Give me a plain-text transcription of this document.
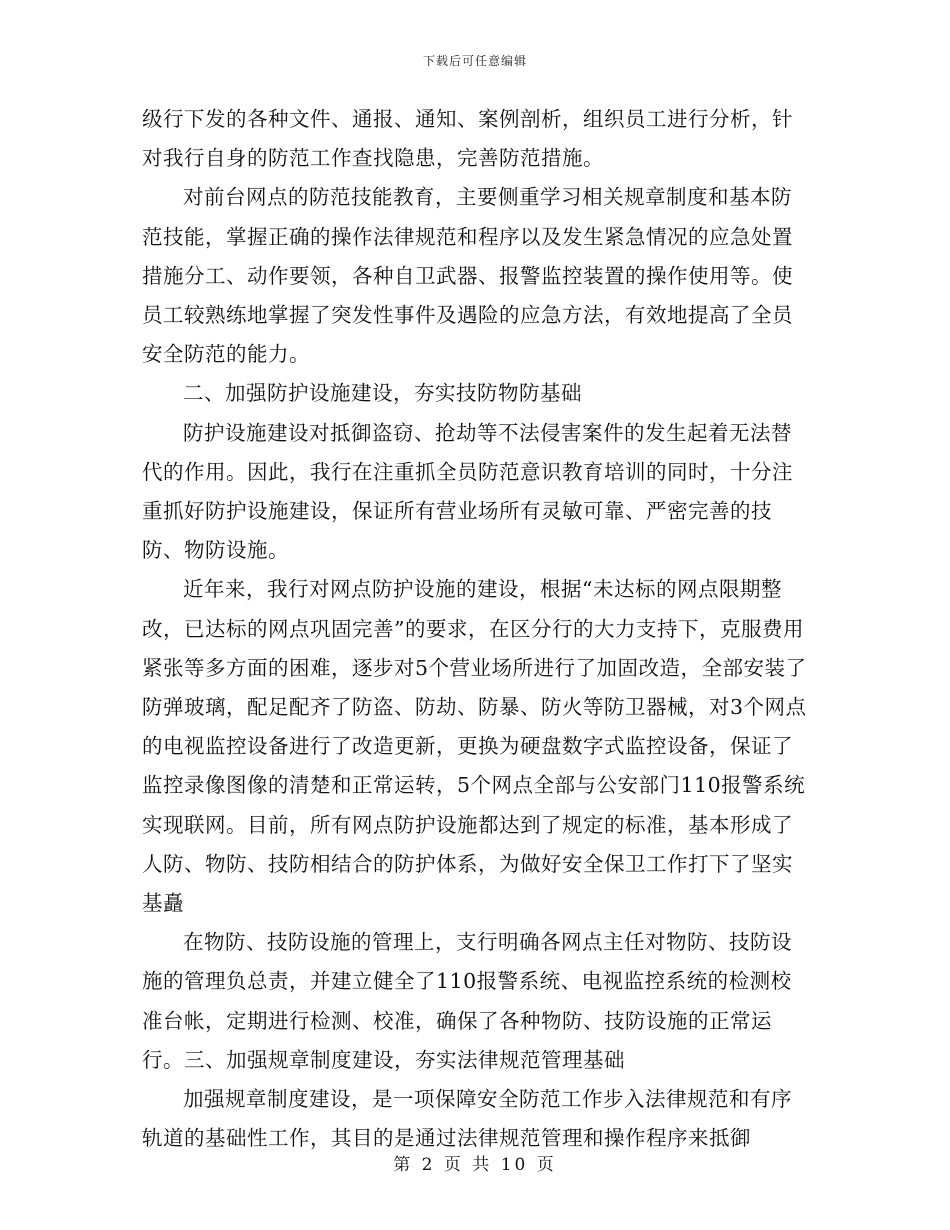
下载后可任意编辑

级行下发的各种文件、通报、通知、案例剖析，组织员工进行分析，针对我行自身的防范工作查找隐患，完善防范措施。

对前台网点的防范技能教育，主要侧重学习相关规章制度和基本防范技能，掌握正确的操作法律规范和程序以及发生紧急情况的应急处置措施分工、动作要领，各种自卫武器、报警监控装置的操作使用等。使员工较熟练地掌握了突发性事件及遇险的应急方法，有效地提高了全员安全防范的能力。

二、加强防护设施建设，夯实技防物防基础

防护设施建设对抵御盗窃、抢劫等不法侵害案件的发生起着无法替代的作用。因此，我行在注重抓全员防范意识教育培训的同时，十分注重抓好防护设施建设，保证所有营业场所有灵敏可靠、严密完善的技防、物防设施。

近年来，我行对网点防护设施的建设，根据“未达标的网点限期整改，已达标的网点巩固完善”的要求，在区分行的大力支持下，克服费用紧张等多方面的困难，逐步对5个营业场所进行了加固改造，全部安装了防弹玻璃，配足配齐了防盗、防劫、防暴、防火等防卫器械，对3个网点的电视监控设备进行了改造更新，更换为硬盘数字式监控设备，保证了监控录像图像的清楚和正常运转，5个网点全部与公安部门110报警系统实现联网。目前，所有网点防护设施都达到了规定的标准，基本形成了人防、物防、技防相结合的防护体系，为做好安全保卫工作打下了坚实基矗

在物防、技防设施的管理上，支行明确各网点主任对物防、技防设施的管理负总责，并建立健全了110报警系统、电视监控系统的检测校准台帐，定期进行检测、校准，确保了各种物防、技防设施的正常运行。三、加强规章制度建设，夯实法律规范管理基础

加强规章制度建设，是一项保障安全防范工作步入法律规范和有序轨道的基础性工作，其目的是通过法律规范管理和操作程序来抵御

第 2 页 共 10 页
